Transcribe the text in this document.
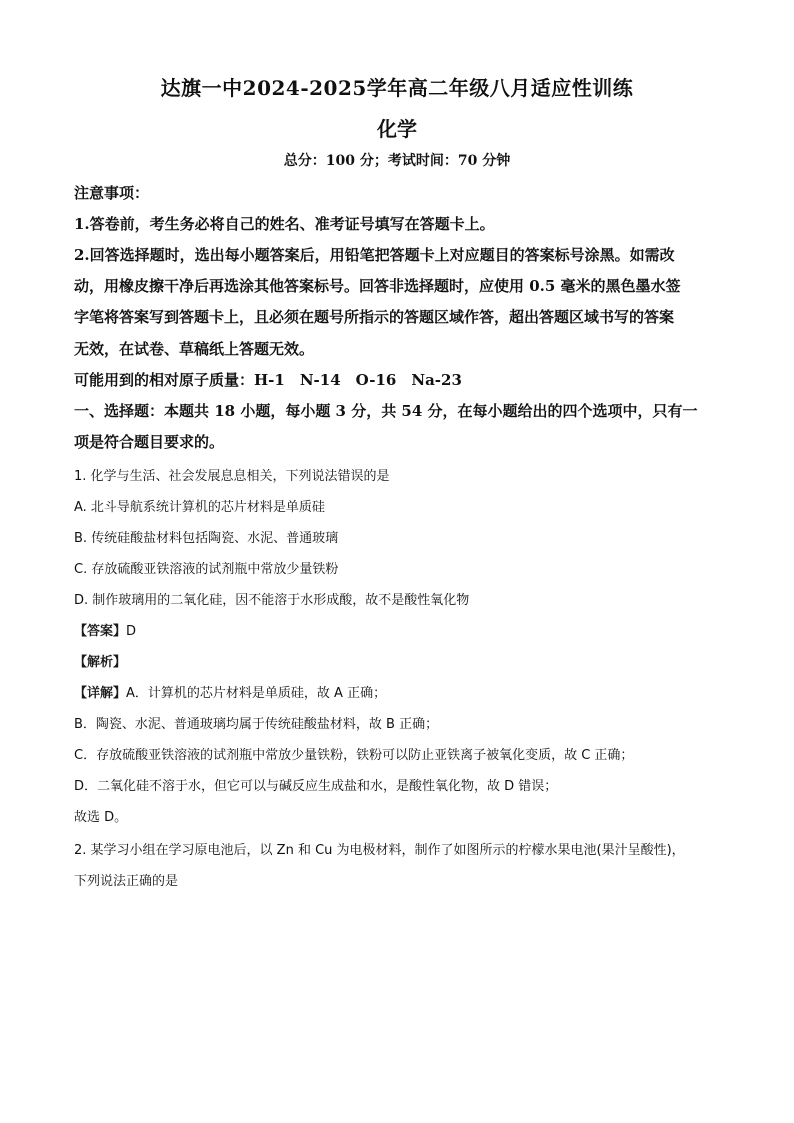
达旗一中2024-2025学年高二年级八月适应性训练
化学
总分：100 分；考试时间：70 分钟
注意事项：
1.答卷前，考生务必将自己的姓名、准考证号填写在答题卡上。
2.回答选择题时，选出每小题答案后，用铅笔把答题卡上对应题目的答案标号涂黑。如需改
动，用橡皮擦干净后再选涂其他答案标号。回答非选择题时，应使用 0.5 毫米的黑色墨水签
字笔将答案写到答题卡上，且必须在题号所指示的答题区域作答，超出答题区域书写的答案
无效，在试卷、草稿纸上答题无效。
可能用到的相对原子质量：H-1　N-14　O-16　Na-23
一、选择题：本题共 18 小题，每小题 3 分，共 54 分，在每小题给出的四个选项中，只有一
项是符合题目要求的。
1. 化学与生活、社会发展息息相关，下列说法错误的是
A. 北斗导航系统计算机的芯片材料是单质硅
B. 传统硅酸盐材料包括陶瓷、水泥、普通玻璃
C. 存放硫酸亚铁溶液的试剂瓶中常放少量铁粉
D. 制作玻璃用的二氧化硅，因不能溶于水形成酸，故不是酸性氧化物
【答案】D
【解析】
【详解】A．计算机的芯片材料是单质硅，故 A 正确；
B．陶瓷、水泥、普通玻璃均属于传统硅酸盐材料，故 B 正确；
C．存放硫酸亚铁溶液的试剂瓶中常放少量铁粉，铁粉可以防止亚铁离子被氧化变质，故 C 正确；
D．二氧化硅不溶于水，但它可以与碱反应生成盐和水，是酸性氧化物，故 D 错误；
故选 D。
2. 某学习小组在学习原电池后，以 Zn 和 Cu 为电极材料，制作了如图所示的柠檬水果电池(果汁呈酸性)，
下列说法正确的是
